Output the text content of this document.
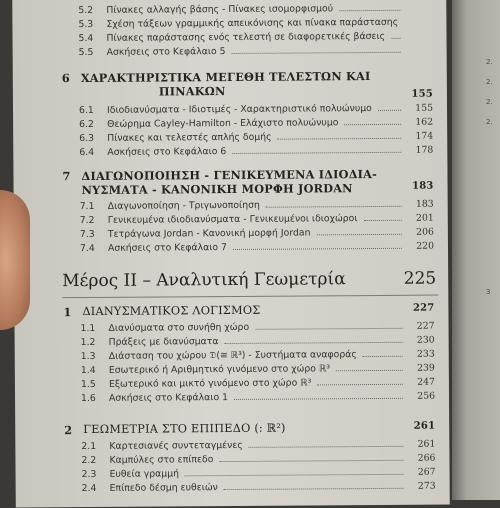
2.
2.
2.
2.
3
5.2	Πίνακες αλλαγής βάσης - Πίνακες ισομορφισμού
5.3	Σχέση τάξεων γραμμικής απεικόνισης και πίνακα παράστασης
5.4	Πίνακες παράστασης ενός τελεστή σε διαφορετικές βάσεις
5.5	Ασκήσεις στο Κεφάλαιο 5
6 ΧΑΡΑΚΤΗΡΙΣΤΙΚΑ ΜΕΓΕΘΗ ΤΕΛΕΣΤΩΝ ΚΑΙ
ΠΙΝΑΚΩΝ	155
6.1	Ιδιοδιανύσματα - Ιδιοτιμές - Χαρακτηριστικό πολυώνυμο	155
6.2	Θεώρημα Cayley-Hamilton - Ελάχιστο πολυώνυμο	162
6.3	Πίνακες και τελεστές απλής δομής	174
6.4	Ασκήσεις στο Κεφάλαιο 6	178
7 ΔΙΑΓΩΝΟΠΟΙΗΣΗ - ΓΕΝΙΚΕΥΜΕΝΑ ΙΔΙΟΔΙΑ-
ΝΥΣΜΑΤΑ - ΚΑΝΟΝΙΚΗ ΜΟΡΦΗ JORDAN	183
7.1	Διαγωνοποίηση - Τριγωνοποίηση	183
7.2	Γενικευμένα ιδιοδιανύσματα - Γενικευμένοι ιδιοχώροι	201
7.3	Τετράγωνα Jordan - Κανονική μορφή Jordan	206
7.4	Ασκήσεις στο Κεφάλαιο 7	220
Μέρος II – Αναλυτική Γεωμετρία	225
1 ΔΙΑΝΥΣΜΑΤΙΚΟΣ ΛΟΓΙΣΜΟΣ	227
1.1	Διανύσματα στο συνήθη χώρο	227
1.2	Πράξεις με διανύσματα	230
1.3	Διάσταση του χώρου 𝔇(≅ ℝ³) - Συστήματα αναφοράς	233
1.4	Εσωτερικό ή Αριθμητικό γινόμενο στο χώρο ℝ³	239
1.5	Εξωτερικό και μικτό γινόμενο στο χώρο ℝ³	247
1.6	Ασκήσεις στο Κεφάλαιο 1	256
2 ΓΕΩΜΕΤΡΙΑ ΣΤΟ ΕΠΙΠΕΔΟ (: ℝ²)	261
2.1	Καρτεσιανές συντεταγμένες	261
2.2	Καμπύλες στο επίπεδο	266
2.3	Ευθεία γραμμή	267
2.4	Επίπεδο δέσμη ευθειών	273
